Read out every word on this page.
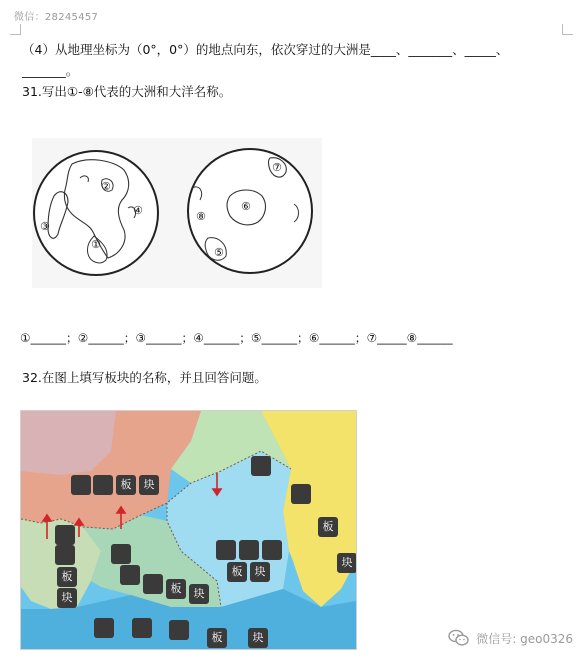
微信：28245457
（4）从地理坐标为（0°，0°）的地点向东，依次穿过的大洲是____、_______、_____、
_______。
31.写出①-⑧代表的大洲和大洋名称。
②
④
③
①
⑦
⑥
⑧
⑤
①______；②______；③______；④______；⑤______；⑥______；⑦_____⑧______
32.在图上填写板块的名称，并且回答问题。
板	块
板
块
板
块
板	块
板	块
板	块	微信号: geo0326
